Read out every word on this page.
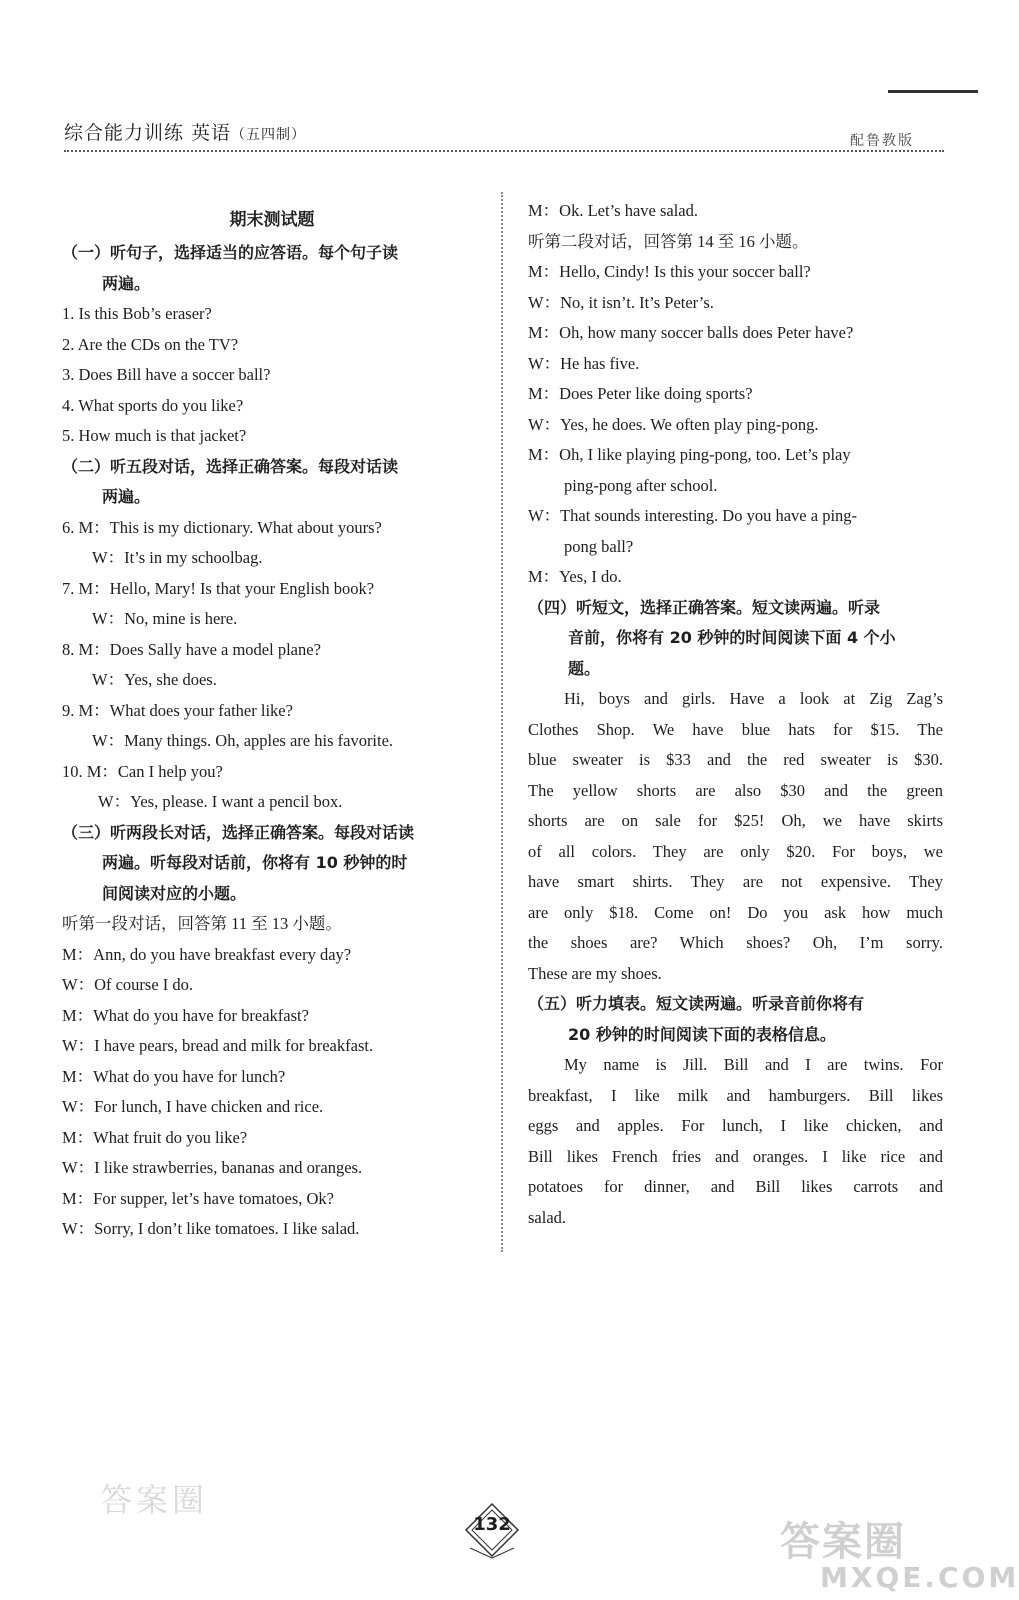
综合能力训练 英语（五四制）	配鲁教版
期末测试题
（一）听句子，选择适当的应答语。每个句子读
两遍。
1. Is this Bob’s eraser?
2. Are the CDs on the TV?
3. Does Bill have a soccer ball?
4. What sports do you like?
5. How much is that jacket?
（二）听五段对话，选择正确答案。每段对话读
两遍。
6. M：This is my dictionary. What about yours?
W：It’s in my schoolbag.
7. M：Hello, Mary! Is that your English book?
W：No, mine is here.
8. M：Does Sally have a model plane?
W：Yes, she does.
9. M：What does your father like?
W：Many things. Oh, apples are his favorite.
10. M：Can I help you?
W：Yes, please. I want a pencil box.
（三）听两段长对话，选择正确答案。每段对话读
两遍。听每段对话前，你将有 10 秒钟的时
间阅读对应的小题。
听第一段对话，回答第 11 至 13 小题。
M：Ann, do you have breakfast every day?
W：Of course I do.
M：What do you have for breakfast?
W：I have pears, bread and milk for breakfast.
M：What do you have for lunch?
W：For lunch, I have chicken and rice.
M：What fruit do you like?
W：I like strawberries, bananas and oranges.
M：For supper, let’s have tomatoes, Ok?
W：Sorry, I don’t like tomatoes. I like salad.
M：Ok. Let’s have salad.
听第二段对话，回答第 14 至 16 小题。
M：Hello, Cindy! Is this your soccer ball?
W：No, it isn’t. It’s Peter’s.
M：Oh, how many soccer balls does Peter have?
W：He has five.
M：Does Peter like doing sports?
W：Yes, he does. We often play ping-pong.
M：Oh, I like playing ping-pong, too. Let’s play
ping-pong after school.
W：That sounds interesting. Do you have a ping-
pong ball?
M：Yes, I do.
（四）听短文，选择正确答案。短文读两遍。听录
音前，你将有 20 秒钟的时间阅读下面 4 个小
题。
Hi, boys and girls. Have a look at Zig Zag’s
Clothes Shop. We have blue hats for $15. The
blue sweater is $33 and the red sweater is $30.
The yellow shorts are also $30 and the green
shorts are on sale for $25! Oh, we have skirts
of all colors. They are only $20. For boys, we
have smart shirts. They are not expensive. They
are only $18. Come on! Do you ask how much
the shoes are? Which shoes? Oh, I’m sorry.
These are my shoes.
（五）听力填表。短文读两遍。听录音前你将有
20 秒钟的时间阅读下面的表格信息。
My name is Jill. Bill and I are twins. For
breakfast, I like milk and hamburgers. Bill likes
eggs and apples. For lunch, I like chicken, and
Bill likes French fries and oranges. I like rice and
potatoes for dinner, and Bill likes carrots and
salad.
答案圈
132	答案圈
MXQE.COM
